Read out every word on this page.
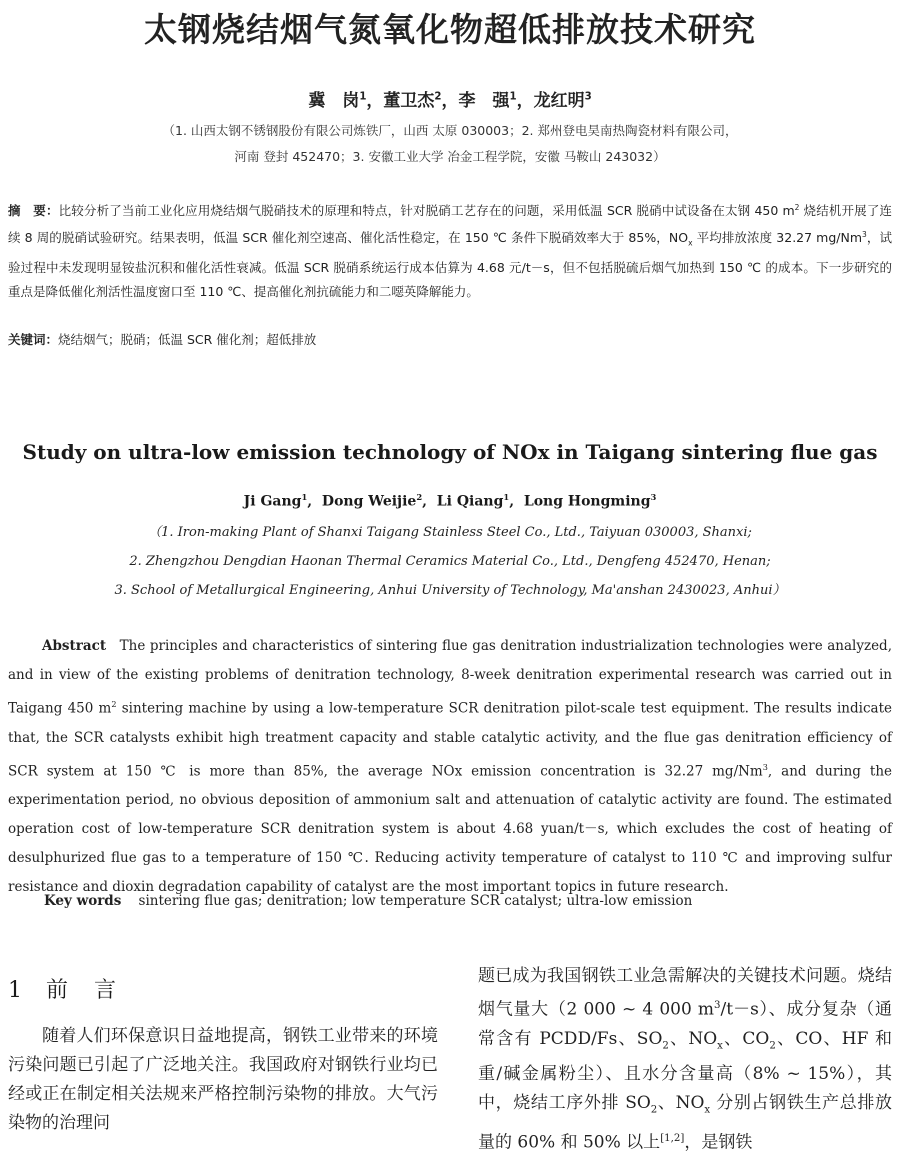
太钢烧结烟气氮氧化物超低排放技术研究
冀　岗$^1$，董卫杰$^2$，李　强$^1$，龙红明$^3$
（1. 山西太钢不锈钢股份有限公司炼铁厂，山西 太原 030003；2. 郑州登电昊南热陶瓷材料有限公司，
河南 登封 452470；3. 安徽工业大学 冶金工程学院，安徽 马鞍山 243032）
摘　要：比较分析了当前工业化应用烧结烟气脱硝技术的原理和特点，针对脱硝工艺存在的问题，采用低温 SCR 脱硝中试设备在太钢 450 $m^2$ 烧结机开展了连续 8 周的脱硝试验研究。结果表明，低温 SCR 催化剂空速高、催化活性稳定，在 150 ℃ 条件下脱硝效率大于 85%，$NO_x$ 平均排放浓度 32.27 mg/Nm$^3$，试验过程中未发现明显铵盐沉积和催化活性衰减。低温 SCR 脱硝系统运行成本估算为 4.68 元/t－s，但不包括脱硫后烟气加热到 150 ℃ 的成本。下一步研究的重点是降低催化剂活性温度窗口至 110 ℃、提高催化剂抗硫能力和二噁英降解能力。
关键词：烧结烟气；脱硝；低温 SCR 催化剂；超低排放
Study on ultra-low emission technology of NOx in Taigang sintering flue gas
Ji Gang$^1$,  Dong Weijie$^2$,  Li Qiang$^1$,  Long Hongming$^3$
（1. Iron-making Plant of Shanxi Taigang Stainless Steel Co., Ltd., Taiyuan 030003, Shanxi;
2. Zhengzhou Dengdian Haonan Thermal Ceramics Material Co., Ltd., Dengfeng 452470, Henan;
3. School of Metallurgical Engineering, Anhui University of Technology, Ma'anshan 2430023, Anhui）
Abstract The principles and characteristics of sintering flue gas denitration industrialization technologies were analyzed, and in view of the existing problems of denitration technology, 8-week denitration experimental research was carried out in Taigang 450 $m^2$ sintering machine by using a low-temperature SCR denitration pilot-scale test equipment. The results indicate that, the SCR catalysts exhibit high treatment capacity and stable catalytic activity, and the flue gas denitration efficiency of SCR system at 150 ℃ is more than 85%, the average NOx emission concentration is 32.27 mg/Nm$^3$, and during the experimentation period, no obvious deposition of ammonium salt and attenuation of catalytic activity are found. The estimated operation cost of low-temperature SCR denitration system is about 4.68 yuan/t－s, which excludes the cost of heating of desulphurized flue gas to a temperature of 150 ℃. Reducing activity temperature of catalyst to 110 ℃ and improving sulfur resistance and dioxin degradation capability of catalyst are the most important topics in future research.
Key words sintering flue gas; denitration; low temperature SCR catalyst; ultra-low emission
1 前　言
随着人们环保意识日益地提高，钢铁工业带来的环境污染问题已引起了广泛地关注。我国政府对钢铁行业均已经或正在制定相关法规来严格控制污染物的排放。大气污染物的治理问
题已成为我国钢铁工业急需解决的关键技术问题。烧结烟气量大（2 000 ~ 4 000 $m^3/t-s$）、成分复杂（通常含有 PCDD/Fs、$SO_2$、$NO_x$、$CO_2$、CO、HF 和重/碱金属粉尘）、且水分含量高（8% ~ 15%），其中，烧结工序外排 $SO_2$、$NO_x$ 分别占钢铁生产总排放量的 60% 和 50% 以上[1,2]，是钢铁
